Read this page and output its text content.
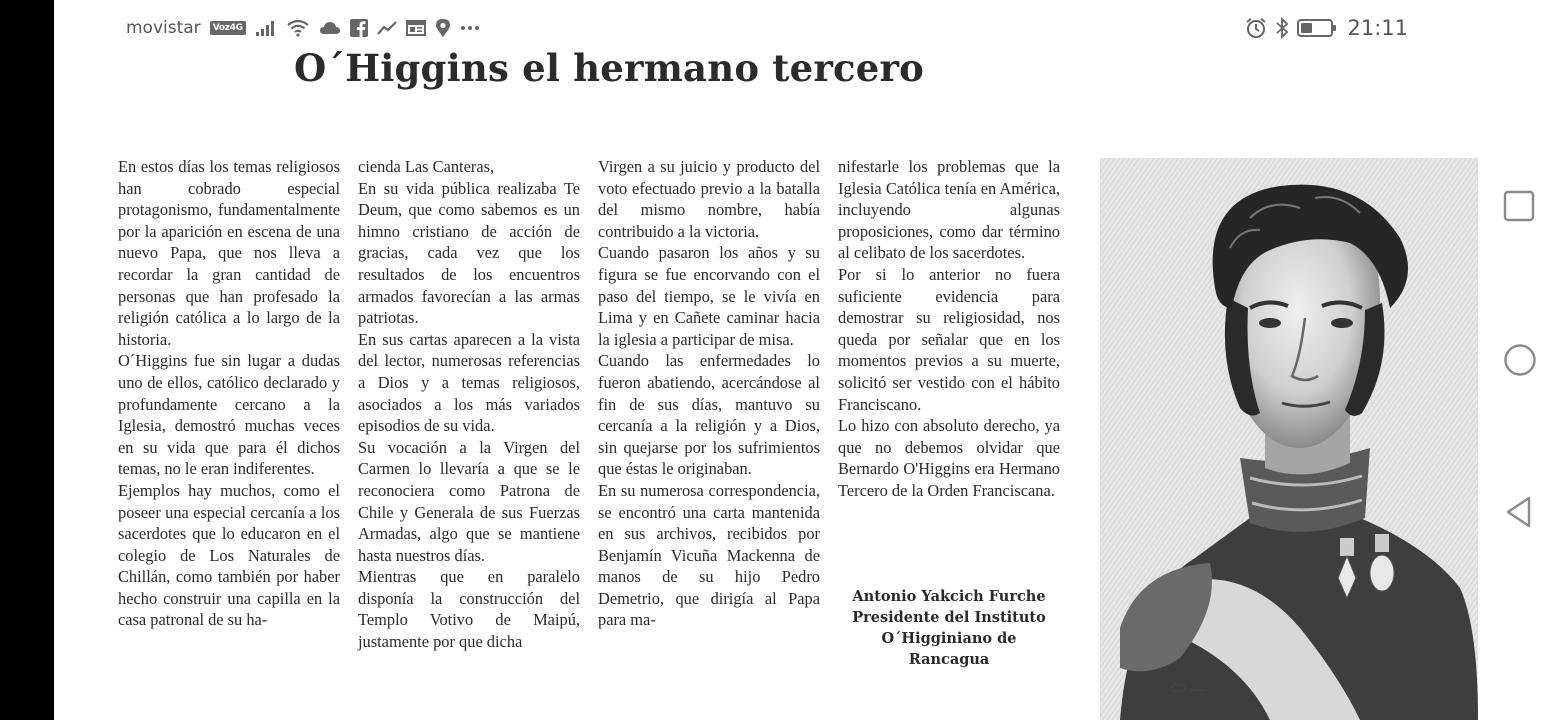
movistar	Voz4G	21:11
O´Higgins el hermano tercero

En estos días los temas religiosos han cobrado especial protagonismo, fundamentalmente por la aparición en escena de una nuevo Papa, que nos lleva a recordar la gran cantidad de personas que han profesado la religión católica a lo largo de la historia.

O´Higgins fue sin lugar a dudas uno de ellos, católico declarado y profundamente cercano a la Iglesia, demostró muchas veces en su vida que para él dichos temas, no le eran indiferentes.

Ejemplos hay muchos, como el poseer una especial cercanía a los sacerdotes que lo educaron en el colegio de Los Naturales de Chillán, como también por haber hecho construir una capilla en la casa patronal de su ha-

cienda Las Canteras,

En su vida pública realizaba Te Deum, que como sabemos es un himno cristiano de acción de gracias, cada vez que los resultados de los encuentros armados favorecían a las armas patriotas.

En sus cartas aparecen a la vista del lector, numerosas referencias a Dios y a temas religiosos, asociados a los más variados episodios de su vida.

Su vocación a la Virgen del Carmen lo llevaría a que se le reconociera como Patrona de Chile y Generala de sus Fuerzas Armadas, algo que se mantiene hasta nuestros días.

Mientras que en paralelo disponía la construcción del Templo Votivo de Maipú, justamente por que dicha

Virgen a su juicio y producto del voto efectuado previo a la batalla del mismo nombre, había contribuido a la victoria.

Cuando pasaron los años y su figura se fue encorvando con el paso del tiempo, se le vivía en Lima y en Cañete caminar hacia la iglesia a participar de misa.

Cuando las enfermedades lo fueron abatiendo, acercándose al fin de sus días, mantuvo su cercanía a la religión y a Dios, sin quejarse por los sufrimientos que éstas le originaban.

En su numerosa correspondencia, se encontró una carta mantenida en sus archivos, recibidos por Benjamín Vicuña Mackenna de manos de su hijo Pedro Demetrio, que dirigía al Papa para ma-

nifestarle los problemas que la Iglesia Católica tenía en América, incluyendo algunas proposiciones, como dar término al celibato de los sacerdotes.

Por si lo anterior no fuera suficiente evidencia para demostrar su religiosidad, nos queda por señalar que en los momentos previos a su muerte, solicitó ser vestido con el hábito Franciscano.

Lo hizo con absoluto derecho, ya que no debemos olvidar que Bernardo O'Higgins era Hermano Tercero de la Orden Franciscana.

Antonio Yakcich Furche
Presidente del Instituto
O´Higginiano de
Rancagua
